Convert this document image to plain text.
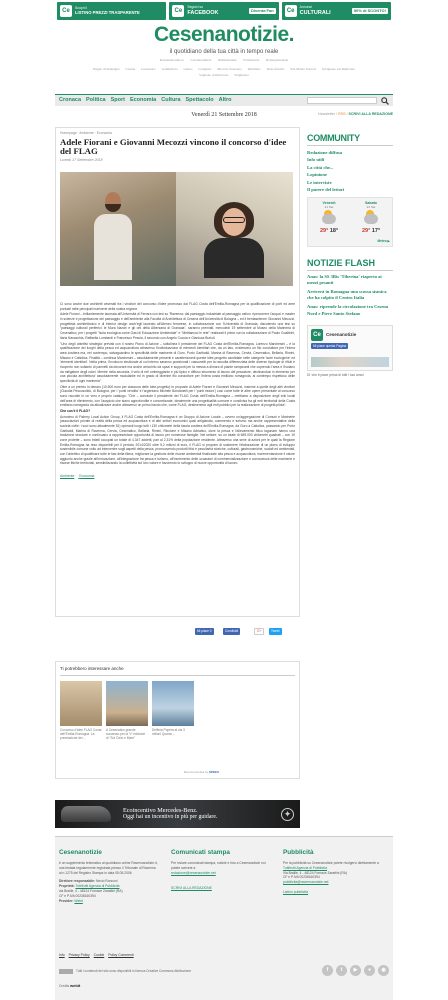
Ce
Scopri il
LISTINO PREZZI TRASPARENTE	Ce
Seguici su
FACEBOOK	Diventa Fan	Ce
Annunci
CULTURALI	50% di SCONTO!
Cesenanotizie.
il quotidiano della tua città in tempo reale
Ravennanotizie.it Cervianotizie.it Riminisotizie Fortinotizie Romagnanotizie
Bagno di Romagna Cesena Cesenatico Gambettola Gatteo Longiano Mercato Saraceno Montiano Roncofreddo San Mauro Pascoli Savignano sul Rubicone
Sogliano al Rubicone Verghereto
Cronaca Politica Sport Economia Cultura Spettacolo Altro
Venerdì 21 Settembre 2018	Newsletter / RSS / SCRIVI ALLA REDAZIONE
Homepage · Ambiente · Economia
Adele Fiorani e Giovanni Mecozzi vincono il concorso d'idee del FLAG
Lunedì 17 Settembre 2018

Ci sono anche due architetti cesenati fra i vincitori del concorso d'idee promosso dal FLAG Costa dell'Emilia-Romagna per la qualificazione di porti ed aree portuali nelle principali marinerie della nostra regione.

Adele Fiorani – brillantemente laureata all'Università di Ferrara con tesi su 'Ravenna: dal paesaggio industriale al paesaggio vativo: ripercorrere l'acqua' e master in scienze e progettazione del paesaggio e dell'ambiente alla Facoltà di Architettura di Cesena dell'Università di Bologna – ed il trentaseienne Giovanni Mecozzi, progettista architettonico e di interior design anch'egli laureato all'Ateneo ferrarese, in collaborazione con l'Università di Granada, discutendo una tesi su "paesaggi culturali periferici: le Mura Nazarì e gli orti della Alberzana di Granada", saranno premiati, mercoledì 19 settembre al Museo della Marineria di Cesenatico, per i progetti "Isola ecologica come Oasi di Educazione Ambientale" e "Mettiamoci in rete" realizzati il primo con la collaborazione di Paolo Gualtirini, Ilaria Navacchia, Raffaella Lombardi e Francesco Pescia, il secondo con Angelo Coccia e Gianluca Burioli.

"Uno degli obiettivi strategici previsti con il nostro Piano di Azione – sottolinea il presidente del FLAG Costa dell'Emilia-Romagna, Lorenzo Marchesini – è la qualificazione dei luoghi della pesca ed acquacoltura attraverso l'individuazione di elementi identitari che, da un lato, evidenzino un filo conduttore per l'intera area costiera ma, nel contempo, salvaguardino le specificità delle marinerie di Goro, Porto Garibaldi, Marina di Ravenna, Cervia, Cesenatico, Bellaria, Rimini, Misano e Cattolica. Finalità – continua Marchesini – assolutamente presenti e caratterizzanti queste idee-progetto candidate nelle categorie 'isole ecologiche' ed 'elementi identitari'. Nella prima, l'involucro strutturale al cui interno saranno posizionati i cassonetti per la raccolta differenziata delle diverse tipologie di rifiuti è ricoperto non soltanto di pannelli da decorare ma anche arricchito da spazi e supporti per la messa a dimora di piante rampicanti che coprendo l'area e l'isolano da mitigatore degli odori. Mentre nella seconda, il velo di reti ombreggiante e più tipico e diffuso strumento di lavoro del pescatore, declinandosi in elemento per una piccola architettura' assolutamente modulabile ed in grado di divenire filo conduttore per l'intera costa emiliano romagnola, al contempo rispettoso delle specificità di ogni marineria".

Oltre a un premio in denaro (10.500 euro per ciascuna delle idee-progetto) le proposte di Adele Fiorani e Giovanni Mecozzi, insieme a quelle degli altri vincitori (Claudia Pescosolido, di Bologna, per i 'punti vendita' e l'argentano Michele Bondanelli per i 'punti ristoro') così come tutte le altre opere presentate al concorso sono raccolte in un vero e proprio catalogo. "Che – conclude il presidente del FLAG Costa dell'Emilia-Romagna – mettiamo a disposizione degli enti locali dell'area di riferimento, con l'auspicio che siano approfondite e concretizzate, idealmente una progettualità comune e condivisa fra gli enti territoriali della Costa emiliano-romagnola da attualizzare anche attraverso un primo bando che, come FLAG, destineremo agli enti pubblici per la realizzazione di progetti-pilota".

Che cos'è il FLAG?

Acronimo di Fishery Local Action Group, il FLAG Costa dell'Emilia-Romagna è un Gruppo di Azione Locale – ovvero un'aggregazione di Comuni e Marinerie (associazioni private di realtà della pesca ed acquacoltura e di altri settori economici quali artigianato, commercio e turismo ma anche rappresentative della società civile: i soci sono attualmente 51) operanti lungo tutti i 130 chilometri della fascia costiera dell'Emilia-Romagna, da Goro a Cattolica, passando per Porto Garibaldi, Marina di Ravenna, Cervia, Cesenatico, Bellaria, Rimini, Riccione e Misano Adriatico, dove la pesca e l'allevamento ittico lagunare hanno una tradizione secolare e continuano a rappresentare opportunità di lavoro per numerose famiglie. Nel settore, su un totale di 689.000 chilometri quadrati – con 19 zone protette – sono infatti occupati un totale di 4.347 addetti, pari al 2,31% della popolazione residente. Attraverso una serie di azioni per le quali la Regione Emilia-Romagna ha reso disponibili per il periodo 2014/2020 oltre 5,2 milioni di euro, il FLAG si propone di sostenere l'elaborazione di un piano di sviluppo sostenibile comune volto ad intervenire sugli aspetti della pesca, promuovendo prodotti ittici e peculiarità storiche, culturali, gastronomiche, sociali ed ambientali, con l'obiettivo di qualificare tutte le fasi della filiera, migliorare la gestione delle risorse ambientali finalizzate alla pesca e acquacoltura; incrementandone il valore aggiunto anche grazie all'innovazione, all'integrazione fra pesca e turismo, all'incremento delle occasioni di commercializzazione e conoscenza delle marinerie e risorse ittiche territoriali, sensibilizzando la collettività sul loro valore e favorendo lo sviluppo di nuove opportunità di lavoro.

Ambiente Economia
Mi piace
0	Condividi	G+	Tweet
Ti potrebbero interessare anche
Concorso d'idee FLAG Costa dell'Emilia-Romagna. La premiazione dei ...
A Cesenatico grande successo per la 'V' edizione di "Sul Cielo e Mare"
Delfinia Popera al via 3 milioni Quarta ...
Recommended by SPEEX
COMMUNITY
Redazione diffusa
Info utili
La città che...
Lopinione
Le interviste
Il parere del lettori
Venerdì
21 Set
Sabato
22 Set
29° 18°	29° 17°
Meteo ▶
NOTIZIE FLASH
Anas: la SS 3Bis 'Tiberina' riaperta ai mezzi pesanti
Arriverà in Romagna una scossa sismica che ha colpito il Centro Italia
Anas: riprende la circolazione tra Cesena Nord e Pieve Santo Stefano
Ce	Cesenanotizie
Mi piace questa Pagina
Di' che ti piace prima di tutti i tuoi amici
Ecoincentivo Mercedes-Benz.
Oggi hai un incentivo in più per guidare.	✦
Cesenanotizie

è un supplemento telematico al quotidiano online Ravennanotizie.it, una testata regolarmente registrata presso il Tribunale di Ravenna al n.1275 del Registro Stampa in data 05.05.2006

Direttore responsabile: Nevio Ronconi

Proprietà: Tuttifrutti Agenzia di Pubblicità

via Braille, 4 - 48124 Fornace Zarattini (RA)

CF e P.IVA 00238160394

Provider: Webit

Comunicati stampa

Per inviare comunicati stampa, notizie e foto a Cesenanotizie noi potete scrivere a

redazione@cesenanotizie.net

SCRIVI ALLA REDAZIONE

Pubblicità

Per la pubblicità su Cesenanotizie potete rivolgervi direttamente a

Tuttifrutti Agenzia di Pubblicità

Via Braille, 4 - 48124 Fornace Zarattini (RA)

CF e P.IVA 00238160394

pubblicita@ravennanotizie.net

Listino pubblicità

Info Privacy Policy Cookie Policy Commenti
Tutti i contenuti del sito sono disponibili in licenza Creative Commons Attribuzione
Credits webit
f	t	▶	●	◉
